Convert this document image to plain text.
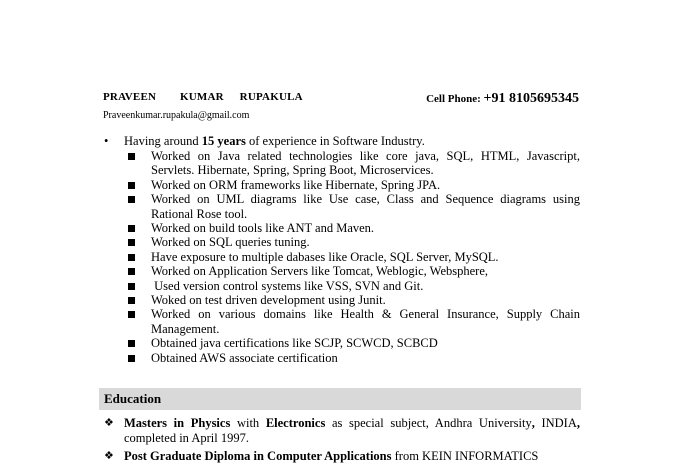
PRAVEEN   KUMAR  RUPAKULA	Cell Phone: +91 8105695345
Praveenkumar.rupakula@gmail.com
• Having around 15 years of experience in Software Industry.
Worked on Java related technologies like core java, SQL, HTML, Javascript, Servlets. Hibernate, Spring, Spring Boot, Microservices.
Worked on ORM frameworks like Hibernate, Spring JPA.
Worked on UML diagrams like Use case, Class and Sequence diagrams using Rational Rose tool.
Worked on build tools like ANT and Maven.
Worked on SQL queries tuning.
Have exposure to multiple dabases like Oracle, SQL Server, MySQL.
Worked on Application Servers like Tomcat, Weblogic, Websphere,
Used version control systems like VSS, SVN and Git.
Woked on test driven development using Junit.
Worked on various domains like Health & General Insurance, Supply Chain Management.
Obtained java certifications like SCJP, SCWCD, SCBCD
Obtained AWS associate certification
Education
❖ Masters in Physics with Electronics as special subject, Andhra University, INDIA, completed in April 1997.
❖ Post Graduate Diploma in Computer Applications from KEIN INFORMATICS
